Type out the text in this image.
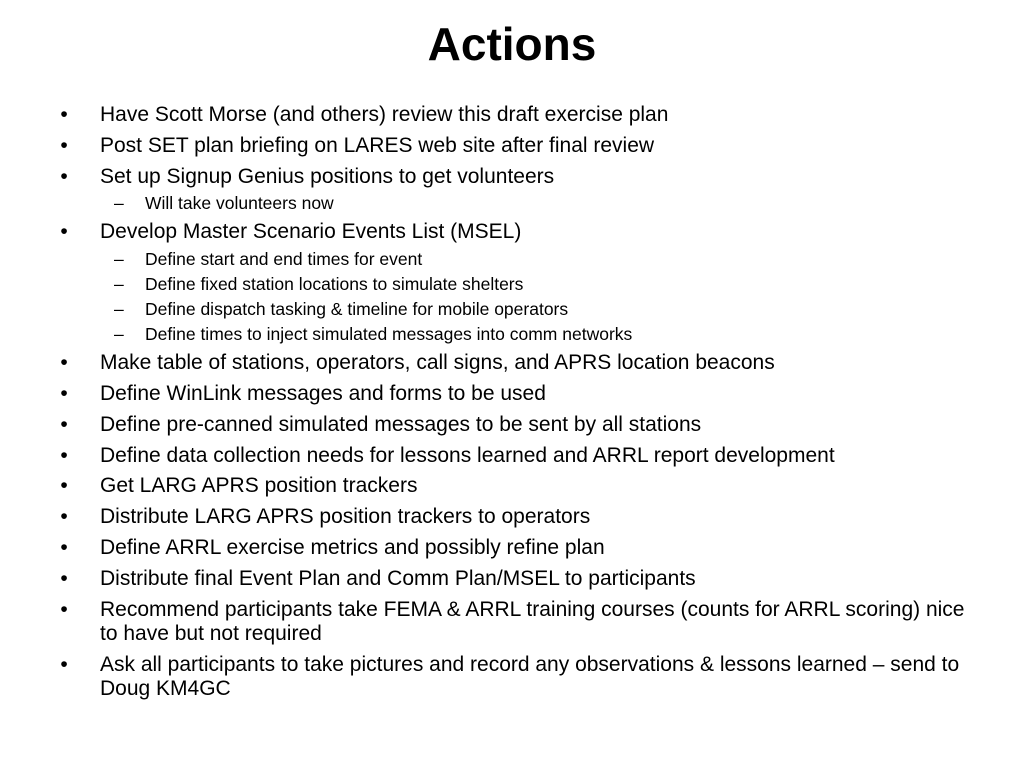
Actions
•	Have Scott Morse (and others) review this draft exercise plan
•	Post SET plan briefing on LARES web site after final review
•	Set up Signup Genius positions to get volunteers
–	Will take volunteers now
•	Develop Master Scenario Events List (MSEL)
–	Define start and end times for event
–	Define fixed station locations to simulate shelters
–	Define dispatch tasking & timeline for mobile operators
–	Define times to inject simulated messages into comm networks
•	Make table of stations, operators, call signs, and APRS location beacons
•	Define WinLink messages and forms to be used
•	Define pre-canned simulated messages to be sent by all stations
•	Define data collection needs for lessons learned and ARRL report development
•	Get LARG APRS position trackers
•	Distribute LARG APRS position trackers to operators
•	Define ARRL exercise metrics and possibly refine plan
•	Distribute final Event Plan and Comm Plan/MSEL to participants
•	Recommend participants take FEMA & ARRL training courses (counts for ARRL scoring) nice to have but not required
•	Ask all participants to take pictures and record any observations & lessons learned – send to Doug KM4GC
